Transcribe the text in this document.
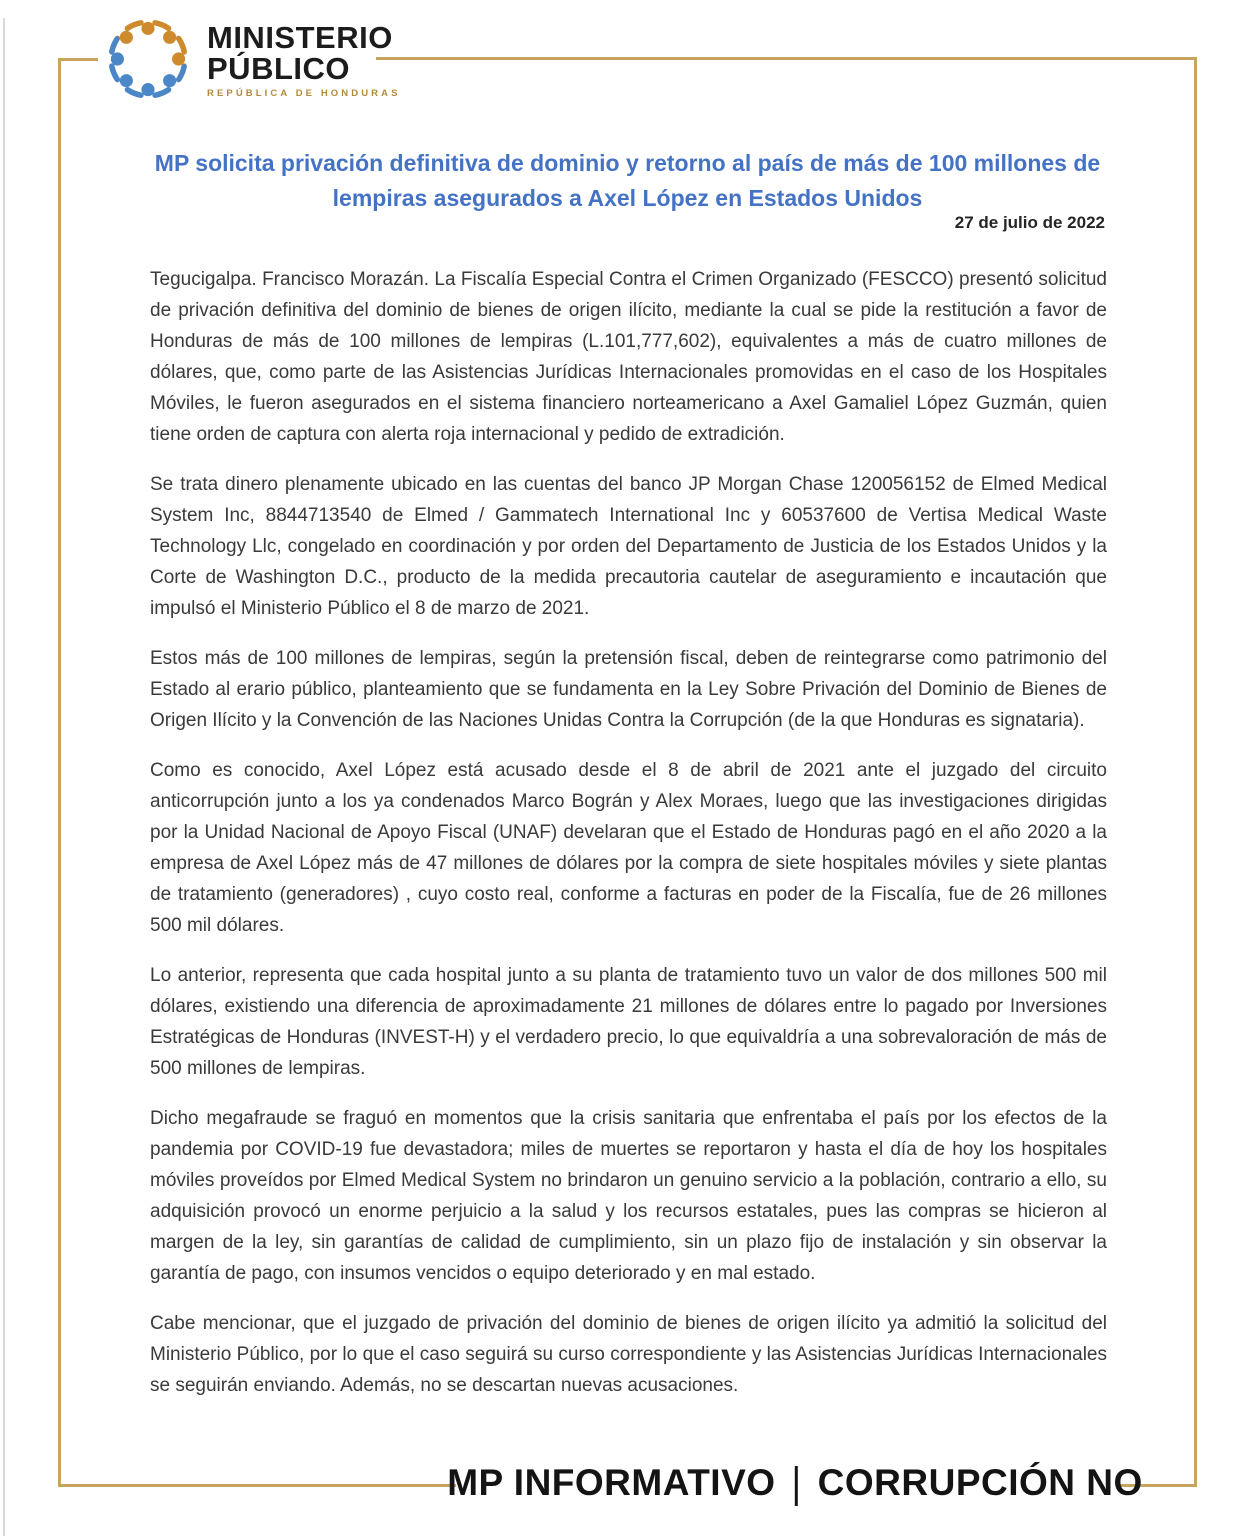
MINISTERIO
PÚBLICO
REPÚBLICA DE HONDURAS
MP solicita privación definitiva de dominio y retorno al país de más de 100 millones de lempiras asegurados a Axel López en Estados Unidos
27 de julio de 2022

Tegucigalpa. Francisco Morazán. La Fiscalía Especial Contra el Crimen Organizado (FESCCO) presentó solicitud de privación definitiva del dominio de bienes de origen ilícito, mediante la cual se pide la restitución a favor de Honduras de más de 100 millones de lempiras (L.101,777,602), equivalentes a más de cuatro millones de dólares, que, como parte de las Asistencias Jurídicas Internacionales promovidas en el caso de los Hospitales Móviles, le fueron asegurados en el sistema financiero norteamericano a Axel Gamaliel López Guzmán, quien tiene orden de captura con alerta roja internacional y pedido de extradición.

Se trata dinero plenamente ubicado en las cuentas del banco JP Morgan Chase 120056152 de Elmed Medical System Inc, 8844713540 de Elmed / Gammatech International Inc y 60537600 de Vertisa Medical Waste Technology Llc, congelado en coordinación y por orden del Departamento de Justicia de los Estados Unidos y la Corte de Washington D.C., producto de la medida precautoria cautelar de aseguramiento e incautación que impulsó el Ministerio Público el 8 de marzo de 2021.

Estos más de 100 millones de lempiras, según la pretensión fiscal, deben de reintegrarse como patrimonio del Estado al erario público, planteamiento que se fundamenta en la Ley Sobre Privación del Dominio de Bienes de Origen Ilícito y la Convención de las Naciones Unidas Contra la Corrupción (de la que Honduras es signataria).

Como es conocido, Axel López está acusado desde el 8 de abril de 2021 ante el juzgado del circuito anticorrupción junto a los ya condenados Marco Bográn y Alex Moraes, luego que las investigaciones dirigidas por la Unidad Nacional de Apoyo Fiscal (UNAF) develaran que el Estado de Honduras pagó en el año 2020 a la empresa de Axel López más de 47 millones de dólares por la compra de siete hospitales móviles y siete plantas de tratamiento (generadores) , cuyo costo real, conforme a facturas en poder de la Fiscalía, fue de 26 millones 500 mil dólares.

Lo anterior, representa que cada hospital junto a su planta de tratamiento tuvo un valor de dos millones 500 mil dólares, existiendo una diferencia de aproximadamente 21 millones de dólares entre lo pagado por Inversiones Estratégicas de Honduras (INVEST-H) y el verdadero precio, lo que equivaldría a una sobrevaloración de más de 500 millones de lempiras.

Dicho megafraude se fraguó en momentos que la crisis sanitaria que enfrentaba el país por los efectos de la pandemia por COVID-19 fue devastadora; miles de muertes se reportaron y hasta el día de hoy los hospitales móviles proveídos por Elmed Medical System no brindaron un genuino servicio a la población, contrario a ello, su adquisición provocó un enorme perjuicio a la salud y los recursos estatales, pues las compras se hicieron al margen de la ley, sin garantías de calidad de cumplimiento, sin un plazo fijo de instalación y sin observar la garantía de pago, con insumos vencidos o equipo deteriorado y en mal estado.

Cabe mencionar, que el juzgado de privación del dominio de bienes de origen ilícito ya admitió la solicitud del Ministerio Público, por lo que el caso seguirá su curso correspondiente y las Asistencias Jurídicas Internacionales se seguirán enviando. Además, no se descartan nuevas acusaciones.

MP INFORMATIVO | CORRUPCIÓN NO
